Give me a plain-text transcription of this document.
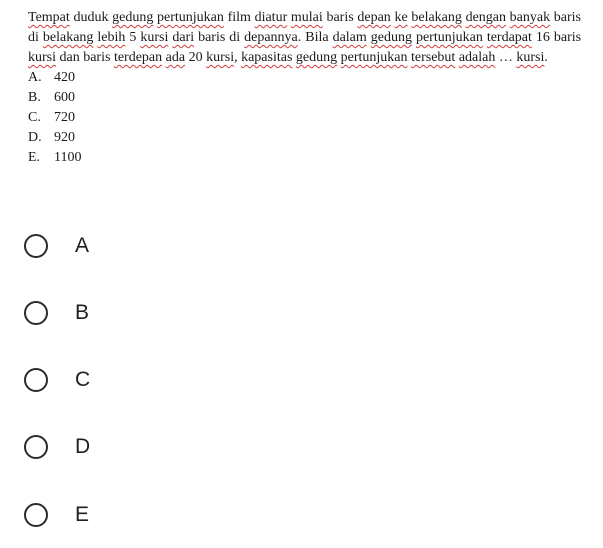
Tempat duduk gedung pertunjukan film diatur mulai baris depan ke belakang dengan banyak baris di belakang lebih 5 kursi dari baris di depannya. Bila dalam gedung pertunjukan terdapat 16 baris kursi dan baris terdepan ada 20 kursi, kapasitas gedung pertunjukan tersebut adalah … kursi.

A. 420
B. 600
C. 720
D. 920
E. 1100
A
B
C
D
E
